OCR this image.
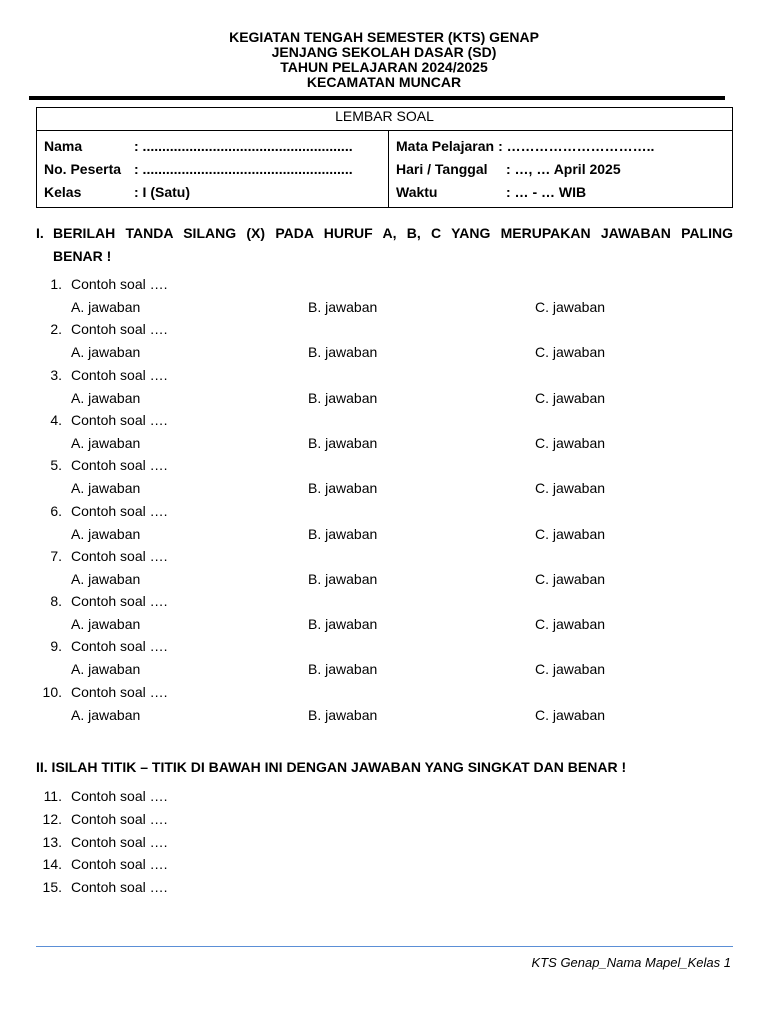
KEGIATAN TENGAH SEMESTER (KTS) GENAP
JENJANG SEKOLAH DASAR (SD)
TAHUN PELAJARAN 2024/2025
KECAMATAN MUNCAR
LEMBAR SOAL

Nama	: ......................................................
No. Peserta : ......................................................
Kelas	: I (Satu)

Mata Pelajaran : …………………………..
Hari / Tanggal	: …, … April 2025
Waktu	: … - … WIB
I. BERILAH TANDA SILANG (X) PADA HURUF A, B, C YANG MERUPAKAN JAWABAN PALING
BENAR !
1. Contoh soal ….
A. jawaban	B. jawaban	C. jawaban
2. Contoh soal ….
A. jawaban	B. jawaban	C. jawaban
3. Contoh soal ….
A. jawaban	B. jawaban	C. jawaban
4. Contoh soal ….
A. jawaban	B. jawaban	C. jawaban
5. Contoh soal ….
A. jawaban	B. jawaban	C. jawaban
6. Contoh soal ….
A. jawaban	B. jawaban	C. jawaban
7. Contoh soal ….
A. jawaban	B. jawaban	C. jawaban
8. Contoh soal ….
A. jawaban	B. jawaban	C. jawaban
9. Contoh soal ….
A. jawaban	B. jawaban	C. jawaban
10. Contoh soal ….
A. jawaban	B. jawaban	C. jawaban
II. ISILAH TITIK – TITIK DI BAWAH INI DENGAN JAWABAN YANG SINGKAT DAN BENAR !
11. Contoh soal ….
12. Contoh soal ….
13. Contoh soal ….
14. Contoh soal ….
15. Contoh soal ….
KTS Genap_Nama Mapel_Kelas 1
